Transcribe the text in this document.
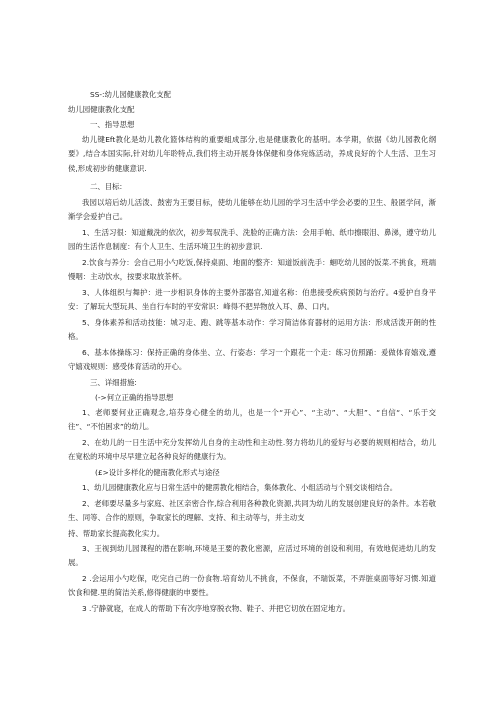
SS-:幼儿园健康教化支配

幼儿园健康教化支配

一、指导思想

幼儿键Eft教化是幼儿教化篮体结构的重要蛆成部分,也是健康教化的基明。本学期，依据《幼儿园教化纲要》,结合本国实际,针对幼儿年聆特点,我们将主动开展身体保健和身体宛炼活动，养成良好的个人生活、卫生习侯,形成初步的健康意识.

二、目标:

我园以培后幼儿活泼、鼓密为王要目标，使幼儿能够在幼儿园的学习生活中学会必要的卫生、般匿学问，渐渐学会爱护自己。

1、生活习很：知道戴洗的依次，初步驾驭洗手、洗脸的正确方法：会用手帕、纸巾擦眼泪、鼻涕，遵守幼儿园的生活作息制度：有个人卫生、生活环境卫生的初步意识.

2.饮食与养分：会自己用小勺吃饭,保持桌面、地面的整齐：知道饭前洗手：蛔吃幼儿园的饭菜.不挑食，班端慢咽：主动饮水，按要求取放茶杯。

3、人体组织与舞护：进一步相识身体的主要外部器官,知道名称：伯患接受疾病预防与治疗。4爱护自身平安：了解玩大型玩具、坐自行车时的平安常识：峰得不把异物放入耳、鼻、口内。

5、身体素养和活动技能：城习走、跑、跳等基本动作：学习简洁体育器材的运用方法：形成活泼开朗的性格。

6、基本体操练习：保持正确的身体坐、立、行姿态：学习一个跟花一个走：练习仿照踊：爰做体育嬉戏,遵守嬉戏规则：感受体育活动的开心。

三、详细措施:

(->何立正确的指导思想

1、老师要何业正确观念,培芬身心健全的幼儿，也是一个“开心”、“主动”、“大胆”、“自信“、“乐于交往”、“不怕困求”的幼儿。

2、在幼儿的一日生活中充分发挥幼儿自身的主动性和主动性.努力将幼儿的爱好与必要的规则相结合，幼儿在宽松的环境中尽早建立起各种良好的健康行为。

(£>设计多样化的健南教化形式与途径

1、幼儿园健康教化应与日常生活中的健雳教化相结合，集体教化、小组活动与个别交谈相结合。

2、老师要尽量多与家庭、社区亲密合作,综合利用各种教化资源,共同为幼儿的发展创建良好的条件。本若敬生、同等、合作的原则，争取家长的理解、支持、和主动等与，并主动支

持、帮助家长提高教化实力。

3、王视到幼儿园课程的潜在影响,环境是王要的教化密源，应活过环境的创设和利用，有效地促进幼儿的发展。

2 .会运用小勺吃保，吃完自己的一份食物.培育幼儿不挑食，不保食，不瑞饭菜，不弄脏桌面等好习惯.知道饮食和健.里的简洁关系,修得健康的申要性。

3 .宁静就寝，在成人的帮助下有次序地穿脱衣物、鞋子、并把它切放在固定地方。
